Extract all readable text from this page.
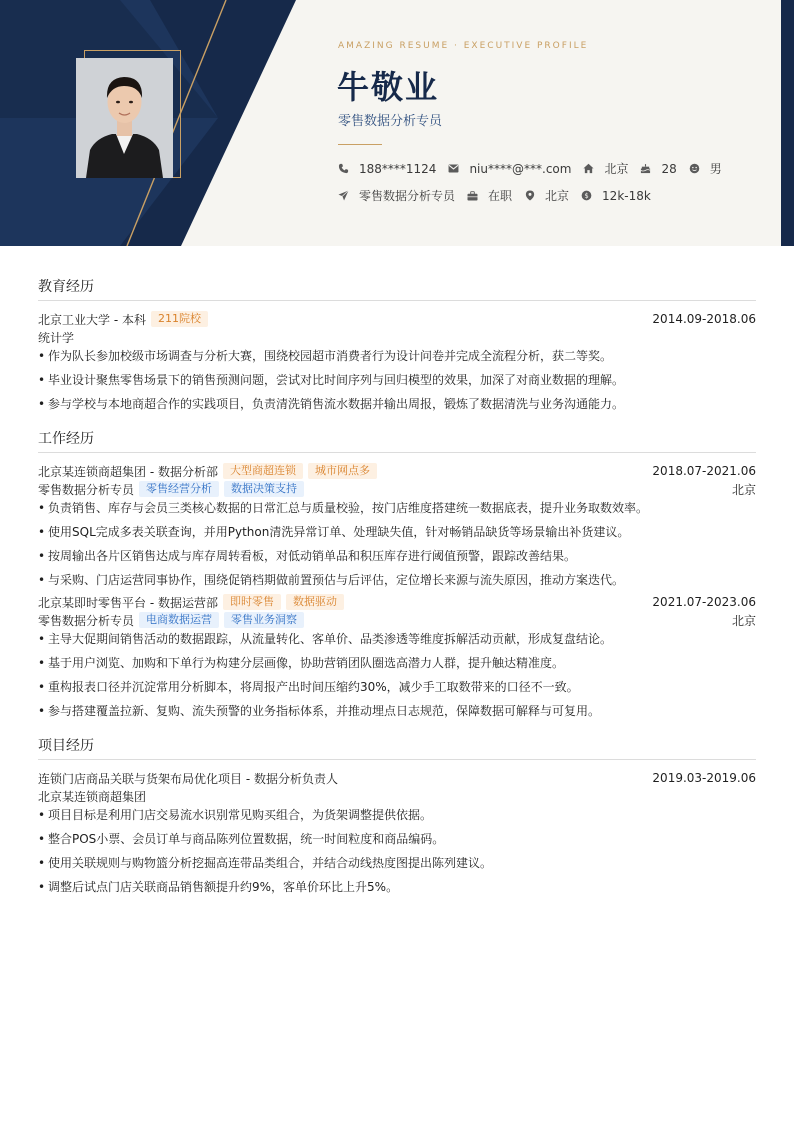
AMAZING RESUME · EXECUTIVE PROFILE
牛敬业
零售数据分析专员
188****1124	niu****@***.com	北京	28	男
零售数据分析专员	在职	北京 $ 12k-18k
教育经历
北京工业大学 - 本科	211院校	2014.09-2018.06
统计学
• 作为队长参加校级市场调查与分析大赛，围绕校园超市消费者行为设计问卷并完成全流程分析，获二等奖。
• 毕业设计聚焦零售场景下的销售预测问题，尝试对比时间序列与回归模型的效果，加深了对商业数据的理解。
• 参与学校与本地商超合作的实践项目，负责清洗销售流水数据并输出周报，锻炼了数据清洗与业务沟通能力。
工作经历
北京某连锁商超集团 - 数据分析部	大型商超连锁	城市网点多	2018.07-2021.06
零售数据分析专员	零售经营分析	数据决策支持	北京
• 负责销售、库存与会员三类核心数据的日常汇总与质量校验，按门店维度搭建统一数据底表，提升业务取数效率。
• 使用SQL完成多表关联查询，并用Python清洗异常订单、处理缺失值，针对畅销品缺货等场景输出补货建议。
• 按周输出各片区销售达成与库存周转看板，对低动销单品和积压库存进行阈值预警，跟踪改善结果。
• 与采购、门店运营同事协作，围绕促销档期做前置预估与后评估，定位增长来源与流失原因，推动方案迭代。
北京某即时零售平台 - 数据运营部	即时零售	数据驱动	2021.07-2023.06
零售数据分析专员	电商数据运营	零售业务洞察	北京
• 主导大促期间销售活动的数据跟踪，从流量转化、客单价、品类渗透等维度拆解活动贡献，形成复盘结论。
• 基于用户浏览、加购和下单行为构建分层画像，协助营销团队圈选高潜力人群，提升触达精准度。
• 重构报表口径并沉淀常用分析脚本，将周报产出时间压缩约30%，减少手工取数带来的口径不一致。
• 参与搭建覆盖拉新、复购、流失预警的业务指标体系，并推动埋点日志规范，保障数据可解释与可复用。
项目经历
连锁门店商品关联与货架布局优化项目 - 数据分析负责人	2019.03-2019.06
北京某连锁商超集团
• 项目目标是利用门店交易流水识别常见购买组合，为货架调整提供依据。
• 整合POS小票、会员订单与商品陈列位置数据，统一时间粒度和商品编码。
• 使用关联规则与购物篮分析挖掘高连带品类组合，并结合动线热度图提出陈列建议。
• 调整后试点门店关联商品销售额提升约9%，客单价环比上升5%。
